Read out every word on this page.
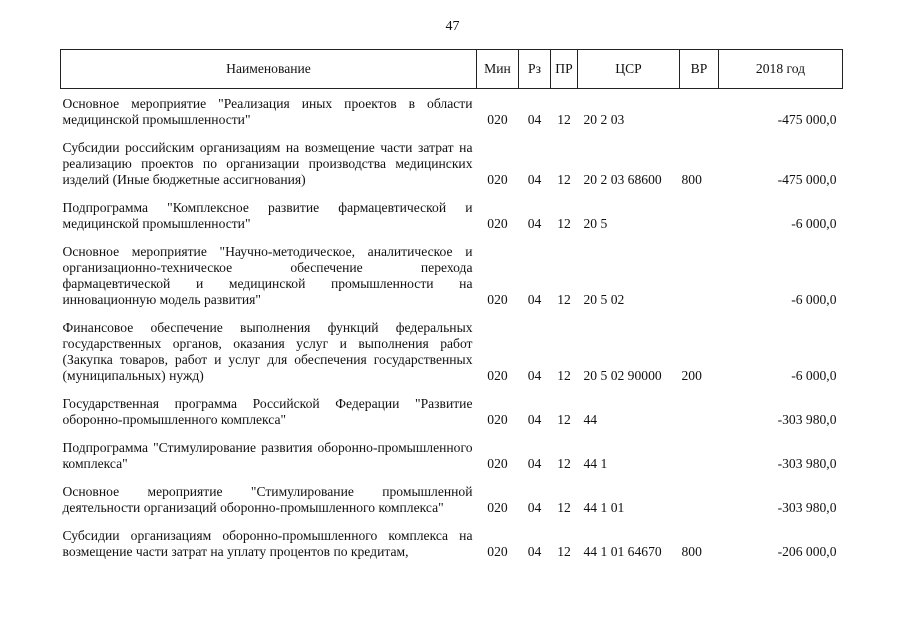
47
Наименование	Мин	Рз	ПР	ЦСР	ВР	2018 год
Основное мероприятие "Реализация иных проектов в области медицинской промышленности"	020	04	12	20 2 03		-475 000,0
Субсидии российским организациям на возмещение части затрат на реализацию проектов по организации производства медицинских изделий (Иные бюджетные ассигнования)	020	04	12	20 2 03 68600	800	-475 000,0
Подпрограмма "Комплексное развитие фармацевтической и медицинской промышленности"	020	04	12	20 5		-6 000,0
Основное мероприятие "Научно-методическое, аналитическое и организационно-техническое обеспечение перехода фармацевтической и медицинской промышленности на инновационную модель развития"	020	04	12	20 5 02		-6 000,0
Финансовое обеспечение выполнения функций федеральных государственных органов, оказания услуг и выполнения работ (Закупка товаров, работ и услуг для обеспечения государственных (муниципальных) нужд)	020	04	12	20 5 02 90000	200	-6 000,0
Государственная программа Российской Федерации "Развитие оборонно-промышленного комплекса"	020	04	12	44		-303 980,0
Подпрограмма "Стимулирование развития оборонно-промышленного комплекса"	020	04	12	44 1		-303 980,0
Основное мероприятие "Стимулирование промышленной деятельности организаций оборонно-промышленного комплекса"	020	04	12	44 1 01		-303 980,0
Субсидии организациям оборонно-промышленного комплекса на возмещение части затрат на уплату процентов по кредитам,	020	04	12	44 1 01 64670	800	-206 000,0
